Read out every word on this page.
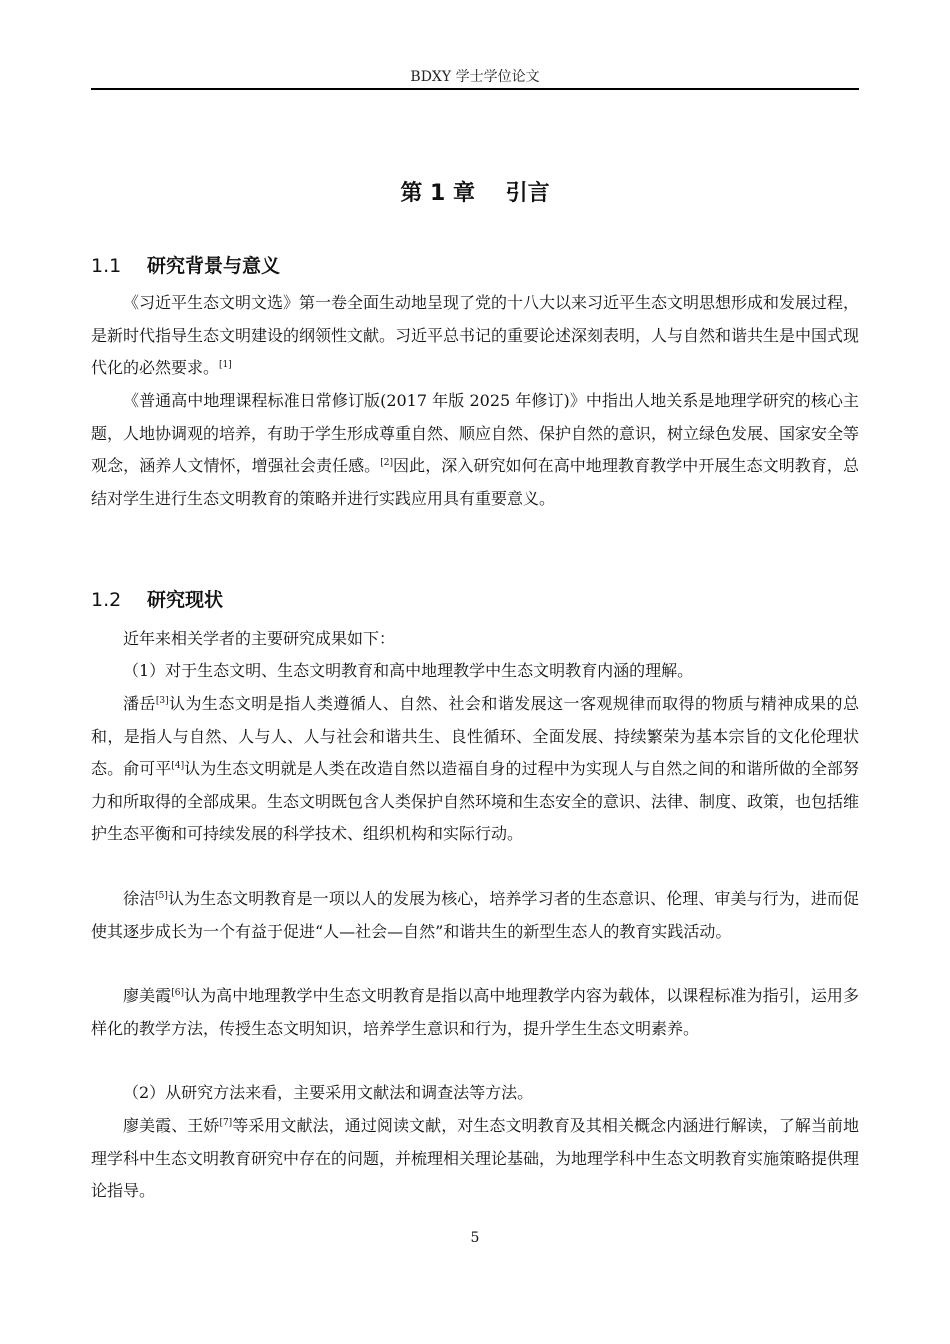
BDXY 学士学位论文
第 1 章    引言
1.1 研究背景与意义

《习近平生态文明文选》第一卷全面生动地呈现了党的十八大以来习近平生态文明思想形成和发展过程，是新时代指导生态文明建设的纲领性文献。习近平总书记的重要论述深刻表明，人与自然和谐共生是中国式现代化的必然要求。[1]

《普通高中地理课程标准日常修订版(2017 年版 2025 年修订)》中指出人地关系是地理学研究的核心主题，人地协调观的培养，有助于学生形成尊重自然、顺应自然、保护自然的意识，树立绿色发展、国家安全等观念，涵养人文情怀，增强社会责任感。[2]因此，深入研究如何在高中地理教育教学中开展生态文明教育，总结对学生进行生态文明教育的策略并进行实践应用具有重要意义。

1.2 研究现状

近年来相关学者的主要研究成果如下：

（1）对于生态文明、生态文明教育和高中地理教学中生态文明教育内涵的理解。

潘岳[3]认为生态文明是指人类遵循人、自然、社会和谐发展这一客观规律而取得的物质与精神成果的总和，是指人与自然、人与人、人与社会和谐共生、良性循环、全面发展、持续繁荣为基本宗旨的文化伦理状态。俞可平[4]认为生态文明就是人类在改造自然以造福自身的过程中为实现人与自然之间的和谐所做的全部努力和所取得的全部成果。生态文明既包含人类保护自然环境和生态安全的意识、法律、制度、政策，也包括维护生态平衡和可持续发展的科学技术、组织机构和实际行动。

徐洁[5]认为生态文明教育是一项以人的发展为核心，培养学习者的生态意识、伦理、审美与行为，进而促使其逐步成长为一个有益于促进“人—社会—自然”和谐共生的新型生态人的教育实践活动。

廖美霞[6]认为高中地理教学中生态文明教育是指以高中地理教学内容为载体，以课程标准为指引，运用多样化的教学方法，传授生态文明知识，培养学生意识和行为，提升学生生态文明素养。

（2）从研究方法来看，主要采用文献法和调查法等方法。

廖美霞、王娇[7]等采用文献法，通过阅读文献，对生态文明教育及其相关概念内涵进行解读，了解当前地理学科中生态文明教育研究中存在的问题，并梳理相关理论基础，为地理学科中生态文明教育实施策略提供理论指导。

5
